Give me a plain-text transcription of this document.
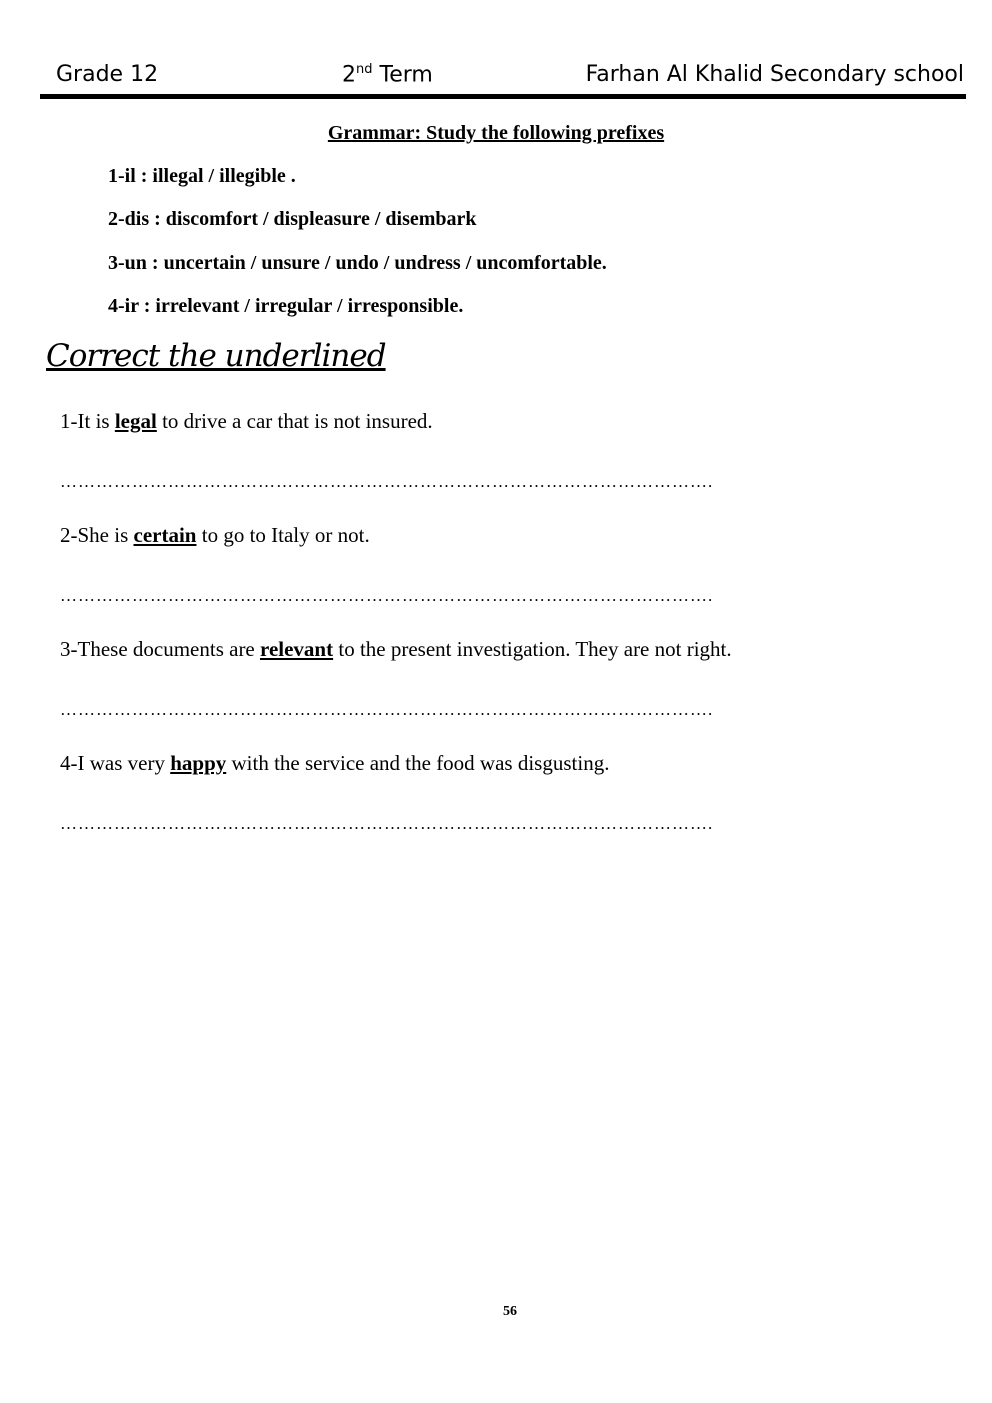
Grade 12	2nd Term	Farhan Al Khalid Secondary school
Grammar: Study the following prefixes
1-il : illegal / illegible .
2-dis : discomfort / displeasure / disembark
3-un : uncertain / unsure / undo / undress / uncomfortable.
4-ir : irrelevant / irregular / irresponsible.
Correct the underlined
1-It is legal to drive a car that is not insured.
……………………………………………………………………………………………….
2-She is certain to go to Italy or not.
……………………………………………………………………………………………….
3-These documents are relevant to the present investigation. They are not right.
……………………………………………………………………………………………….
4-I was very happy with the service and the food was disgusting.
……………………………………………………………………………………………….
56
